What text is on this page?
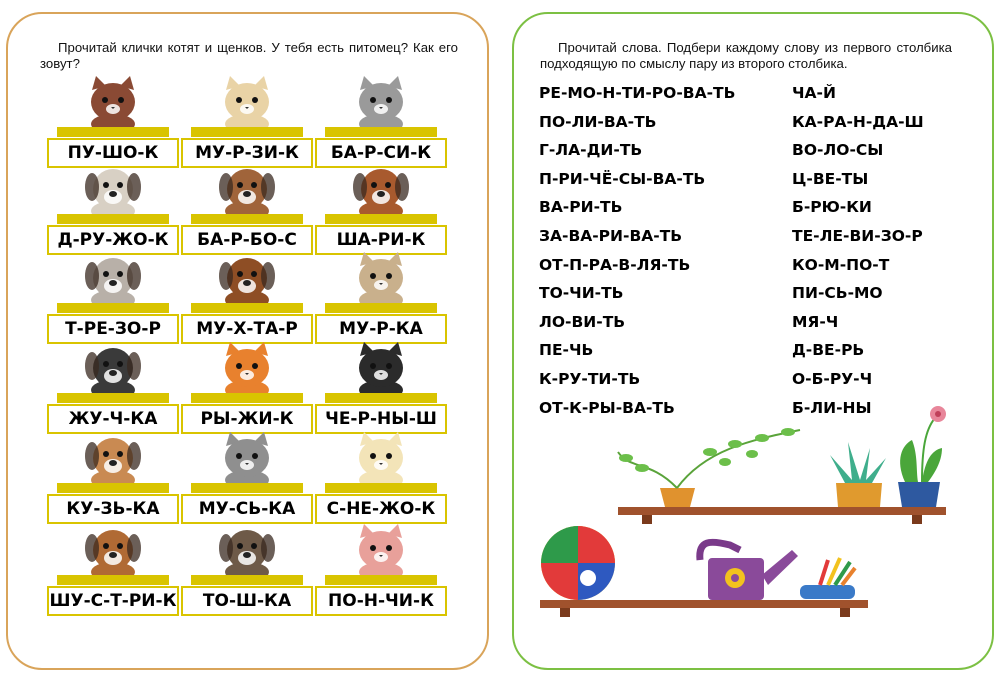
Прочитай клички котят и щенков. У тебя есть питомец? Как его зовут?

Прочитай слова. Подбери каждому слову из первого столбика подходящую по смыслу пару из второго столбика.

ПУ-ШО-К	МУ-Р-ЗИ-К	БА-Р-СИ-К
Д-РУ-ЖО-К	БА-Р-БО-С	ША-РИ-К
Т-РЕ-ЗО-Р	МУ-Х-ТА-Р	МУ-Р-КА
ЖУ-Ч-КА	РЫ-ЖИ-К	ЧЕ-Р-НЫ-Ш
КУ-ЗЬ-КА	МУ-СЬ-КА	С-НЕ-ЖО-К
ШУ-С-Т-РИ-К	ТО-Ш-КА	ПО-Н-ЧИ-К
РЕ-МО-Н-ТИ-РО-ВА-ТЬ
ПО-ЛИ-ВА-ТЬ
Г-ЛА-ДИ-ТЬ
П-РИ-ЧЁ-СЫ-ВА-ТЬ
ВА-РИ-ТЬ
ЗА-ВА-РИ-ВА-ТЬ
ОТ-П-РА-В-ЛЯ-ТЬ
ТО-ЧИ-ТЬ
ЛО-ВИ-ТЬ
ПЕ-ЧЬ
К-РУ-ТИ-ТЬ
ОТ-К-РЫ-ВА-ТЬ
ЧА-Й
КА-РА-Н-ДА-Ш
ВО-ЛО-СЫ
Ц-ВЕ-ТЫ
Б-РЮ-КИ
ТЕ-ЛЕ-ВИ-ЗО-Р
КО-М-ПО-Т
ПИ-СЬ-МО
МЯ-Ч
Д-ВЕ-РЬ
О-Б-РУ-Ч
Б-ЛИ-НЫ
